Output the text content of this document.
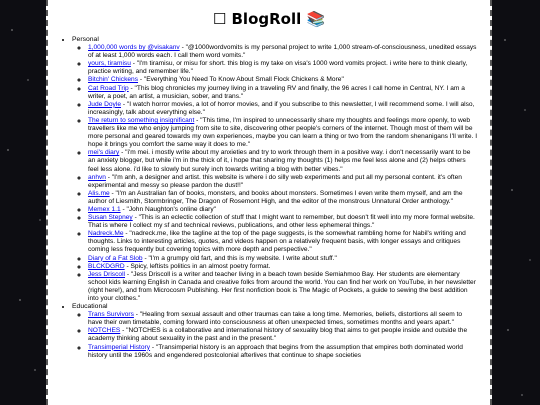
☐ BlogRoll 📚
• Personal
◦ 1,000,000 words by @visakanv - "@1000wordvomits is my personal project to write 1,000 stream-of-consciousness, unedited essays of at least 1,000 words each. I call them word vomits."
◦ yours, tiramisu - "I'm tiramisu, or misu for short. this blog is my take on visa's 1000 word vomits project. i write here to think clearly, practice writing, and remember life."
◦ Bitchin' Chickens - "Everything You Need To Know About Small Flock Chickens & More"
◦ Cat Road Trip - "This blog chronicles my journey living in a traveling RV and finally, the 96 acres I call home in Central, NY. I am a writer, a poet, an artist, a musician, sober, and trans."
◦ Jude Doyle - "I watch horror movies, a lot of horror movies, and if you subscribe to this newsletter, I will recommend some. I will also, increasingly, talk about everything else."
◦ The return to something insignificant - "This time, I'm inspired to unnecessarily share my thoughts and feelings more openly, to web travellers like me who enjoy jumping from site to site, discovering other people's corners of the internet. Though most of them will be more personal and geared towards my own experiences, maybe you can learn a thing or two from the random shenanigans I'll write. I hope it brings you comfort the same way it does to me."
◦ mei's diary - "i'm mei. i mostly write about my anxieties and try to work through them in a positive way. i don't necessarily want to be an anxiety blogger, but while i'm in the thick of it, i hope that sharing my thoughts (1) helps me feel less alone and (2) helps others feel less alone. i'd like to slowly but surely inch towards writing a blog with better vibes."
◦ anhvn - "I'm anh, a designer and artist. this website is where i do silly web experiments and put all my personal content. it's often experimental and messy so please pardon the dust!!"
◦ Alis.me - "I'm an Australian fan of books, monsters, and books about monsters. Sometimes I even write them myself, and am the author of Liesmith, Stormbringer, The Dragon of Rosemont High, and the editor of the monstrous Unnatural Order anthology."
◦ Memex 1.1 - "John Naughton's online diary"
◦ Susan Stepney - "This is an eclectic collection of stuff that I might want to remember, but doesn't fit well into my more formal website. That is where I collect my sf and technical reviews, publications, and other less ephemeral things."
◦ Nadreck.Me - "nadreck.me, like the tagline at the top of the page suggests, is the somewhat rambling home for Nabil's writing and thoughts. Links to interesting articles, quotes, and videos happen on a relatively frequent basis, with longer essays and critiques coming less frequently but covering topics with more depth and perspective."
◦ Diary of a Fat Slob - "I'm a grumpy old fart, and this is my website. I write about stuff."
◦ BLCKDGRD - Spicy, leftists politics in an almost poetry format.
◦ Jess Driscoll - "Jess Driscoll is a writer and teacher living in a beach town beside Semiahmoo Bay. Her students are elementary school kids learning English in Canada and creative folks from around the world. You can find her work on YouTube, in her newsletter (right here!), and from Microcosm Publishing. Her first nonfiction book is The Magic of Pockets, a guide to sewing the best addition into your clothes."
• Educational
◦ Trans Survivors - "Healing from sexual assault and other traumas can take a long time. Memories, beliefs, distortions all seem to have their own timetable, coming forward into consciousness at often unexpected times, sometimes months and years apart."
◦ NOTCHES - "NOTCHES is a collaborative and international history of sexuality blog that aims to get people inside and outside the academy thinking about sexuality in the past and in the present."
◦ Transimperial History - "Transimperial history is an approach that begins from the assumption that empires both dominated world history until the 1960s and engendered postcolonial afterlives that continue to shape societies
